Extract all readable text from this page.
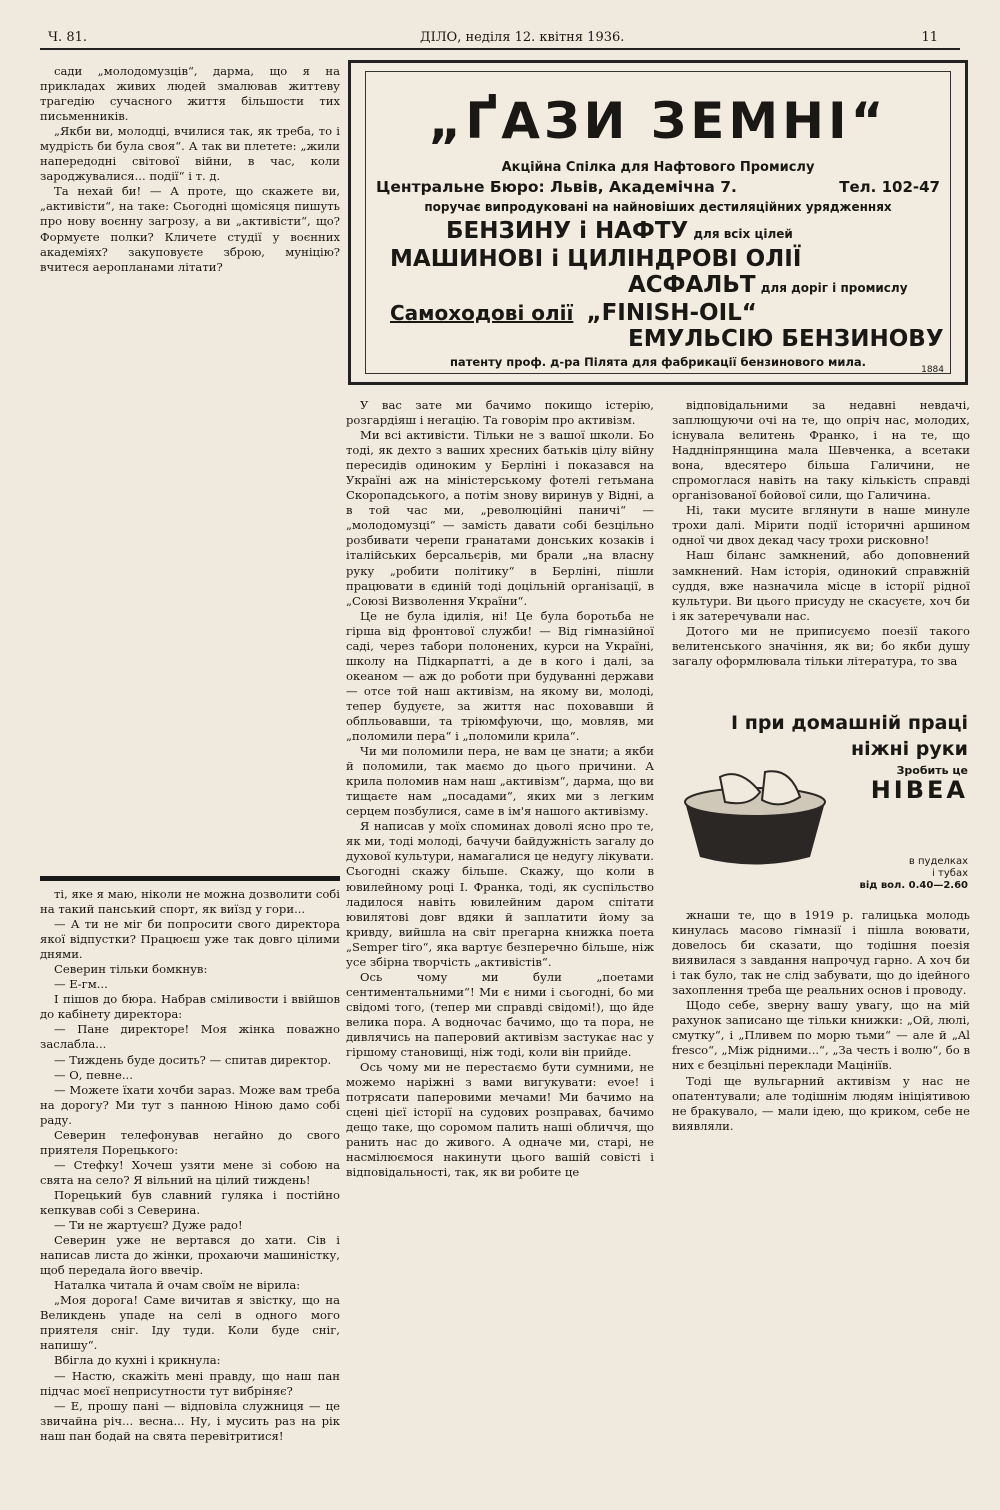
Ч. 81.	ДІЛО, неділя 12. квітня 1936.	11

сади „молодомузців“, дарма, що я на прикладах живих людей змалював життеву трагедію сучасного життя більшости тих письменників.

„Якби ви, молодці, вчилися так, як треба, то і мудрість би була своя“. А так ви плетете: „жили напередодні світової війни, в час, коли зароджувалися... події“ і т. д.

Та нехай би! — А проте, що скажете ви, „активісти“, на таке: Сьогодні щомісяця пишуть про нову воєнну загрозу, а ви „активісти“, що? Формуєте полки? Кличете студії у воєнних академіях? закуповуєте зброю, муніцію? вчитеся аеропланами літати?

ті, яке я маю, ніколи не можна дозволити собі на такий панський спорт, як виїзд у гори...

— А ти не міг би попросити свого директора якої відпустки? Працюєш уже так довго цілими днями.

Северин тільки бомкнув:

— Е-гм...

І пішов до бюра. Набрав сміливости і ввійшов до кабінету директора:

— Пане директоре! Моя жінка поважно заслабла...

— Тиждень буде досить? — спитав директор.

— О, певне...

— Можете їхати хочби зараз. Може вам треба на дорогу? Ми тут з панною Ніною дамо собі раду.

Северин телефонував негайно до свого приятеля Порецького:

— Стефку! Хочеш узяти мене зі собою на свята на село? Я вільний на цілий тиждень!

Порецький був славний гуляка і постійно кепкував собі з Северина.

— Ти не жартуєш? Дуже радо!

Северин уже не вертався до хати. Сів і написав листа до жінки, прохаючи машиністку, щоб передала його ввечір.

Наталка читала й очам своїм не вірила:

„Моя дорога! Саме вичитав я звістку, що на Великдень упаде на селі в одного мого приятеля сніг. Іду туди. Коли буде сніг, напишу“.

Вбігла до кухні і крикнула:

— Настю, скажіть мені правду, що наш пан підчас моєї неприсутности тут вибріняє?

— Е, прошу пані — відповіла служниця — це звичайна річ... весна... Ну, і мусить раз на рік наш пан бодай на свята перевітритися!

„ҐАЗИ ЗЕМНІ“
Акційна Спілка для Нафтового Промислу
Центральне Бюро: Львів, Академічна 7.	Тел. 102-47
поручає випродуковані на найновіших дестиляційних урядженнях
БЕНЗИНУ і НАФТУ для всіх цілей
МАШИНОВІ і ЦИЛІНДРОВІ ОЛІЇ
АСФАЛЬТ для доріг і промислу
Самоходові олії „FINISH-OIL“
ЕМУЛЬСІЮ БЕНЗИНОВУ
патенту проф. д-ра Пілята для фабрикації бензинового мила.
1884

У вас зате ми бачимо покищо істерію, розгардіяш і негацію. Та говорім про активізм.

Ми всі активісти. Тільки не з вашої школи. Бо тоді, як дехто з ваших хресних батьків цілу війну пересидів одиноким у Берліні і показався на Україні аж на міністерському фотелі гетьмана Скоропадського, а потім знову виринув у Відні, а в той час ми, „революційні паничі“ — „молодомузці“ — замість давати собі безцільно розбивати черепи гранатами донських козаків і італійських берсальєрів, ми брали „на власну руку „робити політику“ в Берліні, пішли працювати в єдиній тоді доцільній організації, в „Союзі Визволення України“.

Це не була ідилія, ні! Це була боротьба не гірша від фронтової служби! — Від гімназійної саді, через табори полонених, курси на Україні, школу на Підкарпатті, а де в кого і далі, за океаном — аж до роботи при будуванні держави — отсе той наш активізм, на якому ви, молоді, тепер будуєте, за життя нас поховавши й обпльовавши, та тріюмфуючи, що, мовляв, ми „поломили пера“ і „поломили крила“.

Чи ми поломили пера, не вам це знати; а якби й поломили, так маємо до цього причини. А крила поломив нам наш „активізм“, дарма, що ви тищаєте нам „посадами“, яких ми з легким серцем позбулися, саме в ім'я нашого активізму.

Я написав у моїх споминах доволі ясно про те, як ми, тоді молоді, бачучи байдужність загалу до духової культури, намагалися це недугу лікувати. Сьогодні скажу більше. Скажу, що коли в ювилейному році І. Франка, тоді, як суспільство ладилося навіть ювилейним даром спітати ювилятові довг вдяки й заплатити йому за кривду, вийшла на світ прегарна книжка поета „Semper tiro“, яка вартує безперечно більше, ніж усе збірна творчість „активістів“.

Ось чому ми були „поетами сентиментальними“! Ми є ними і сьогодні, бо ми свідомі того, (тепер ми справді свідомі!), що йде велика пора. А водночас бачимо, що та пора, не дивлячись на паперовий активізм застукає нас у гіршому становищі, ніж тоді, коли він прийде.

Ось чому ми не перестаємо бути сумними, не можемо наріжні з вами вигукувати: evoe! і потрясати паперовими мечами! Ми бачимо на сцені цієї історії на судових розправах, бачимо дещо таке, що соромом палить наші обличчя, що ранить нас до живого. А одначе ми, старі, не насмілюємося накинути цього вашій совісті і відповідальності, так, як ви робите це

відповідальними за недавні невдачі, заплющуючи очі на те, що опріч нас, молодих, існувала велитень Франко, і на те, що Наддніпрянщина мала Шевченка, а всетаки вона, вдесятеро більша Галичини, не спромоглася навіть на таку кількість справді організованої бойової сили, що Галичина.

Ні, таки мусите вглянути в наше минуле трохи далі. Мірити події історичні аршином одної чи двох декад часу трохи рисковно!

Наш біланс замкнений, або доповнений замкнений. Нам історія, одинокий справжній суддя, вже назначила місце в історії рідної культури. Ви цього присуду не скасуєте, хоч би і як затеречували нас.

Дотого ми не приписуємо поезії такого велитенського значіння, як ви; бо якби душу загалу оформлювала тільки література, то зва

І при домашній праці
ніжні руки
Зробить це
НІВЕА
в пуделках
і тубах
від вол. 0.40—2.60

жнаши те, що в 1919 р. галицька молодь кинулась масово гімназії і пішла воювати, довелось би сказати, що тодішня поезія виявилася з завдання напрочуд гарно. А хоч би і так було, так не слід забувати, що до ідейного захоплення треба ще реальних основ і проводу.

Щодо себе, зверну вашу увагу, що на мій рахунок записано ще тільки книжки: „Ой, люлі, смутку“, і „Пливем по морю тьми“ — але й „Al fresco“, „Між рідними...“, „За честь і волю“, бо в них є безцільні переклади Мацініїв.

Тоді ще вульгарний активізм у нас не опатентували; але тодішнім людям ініціятивою не бракувало, — мали ідею, що криком, себе не виявляли.
